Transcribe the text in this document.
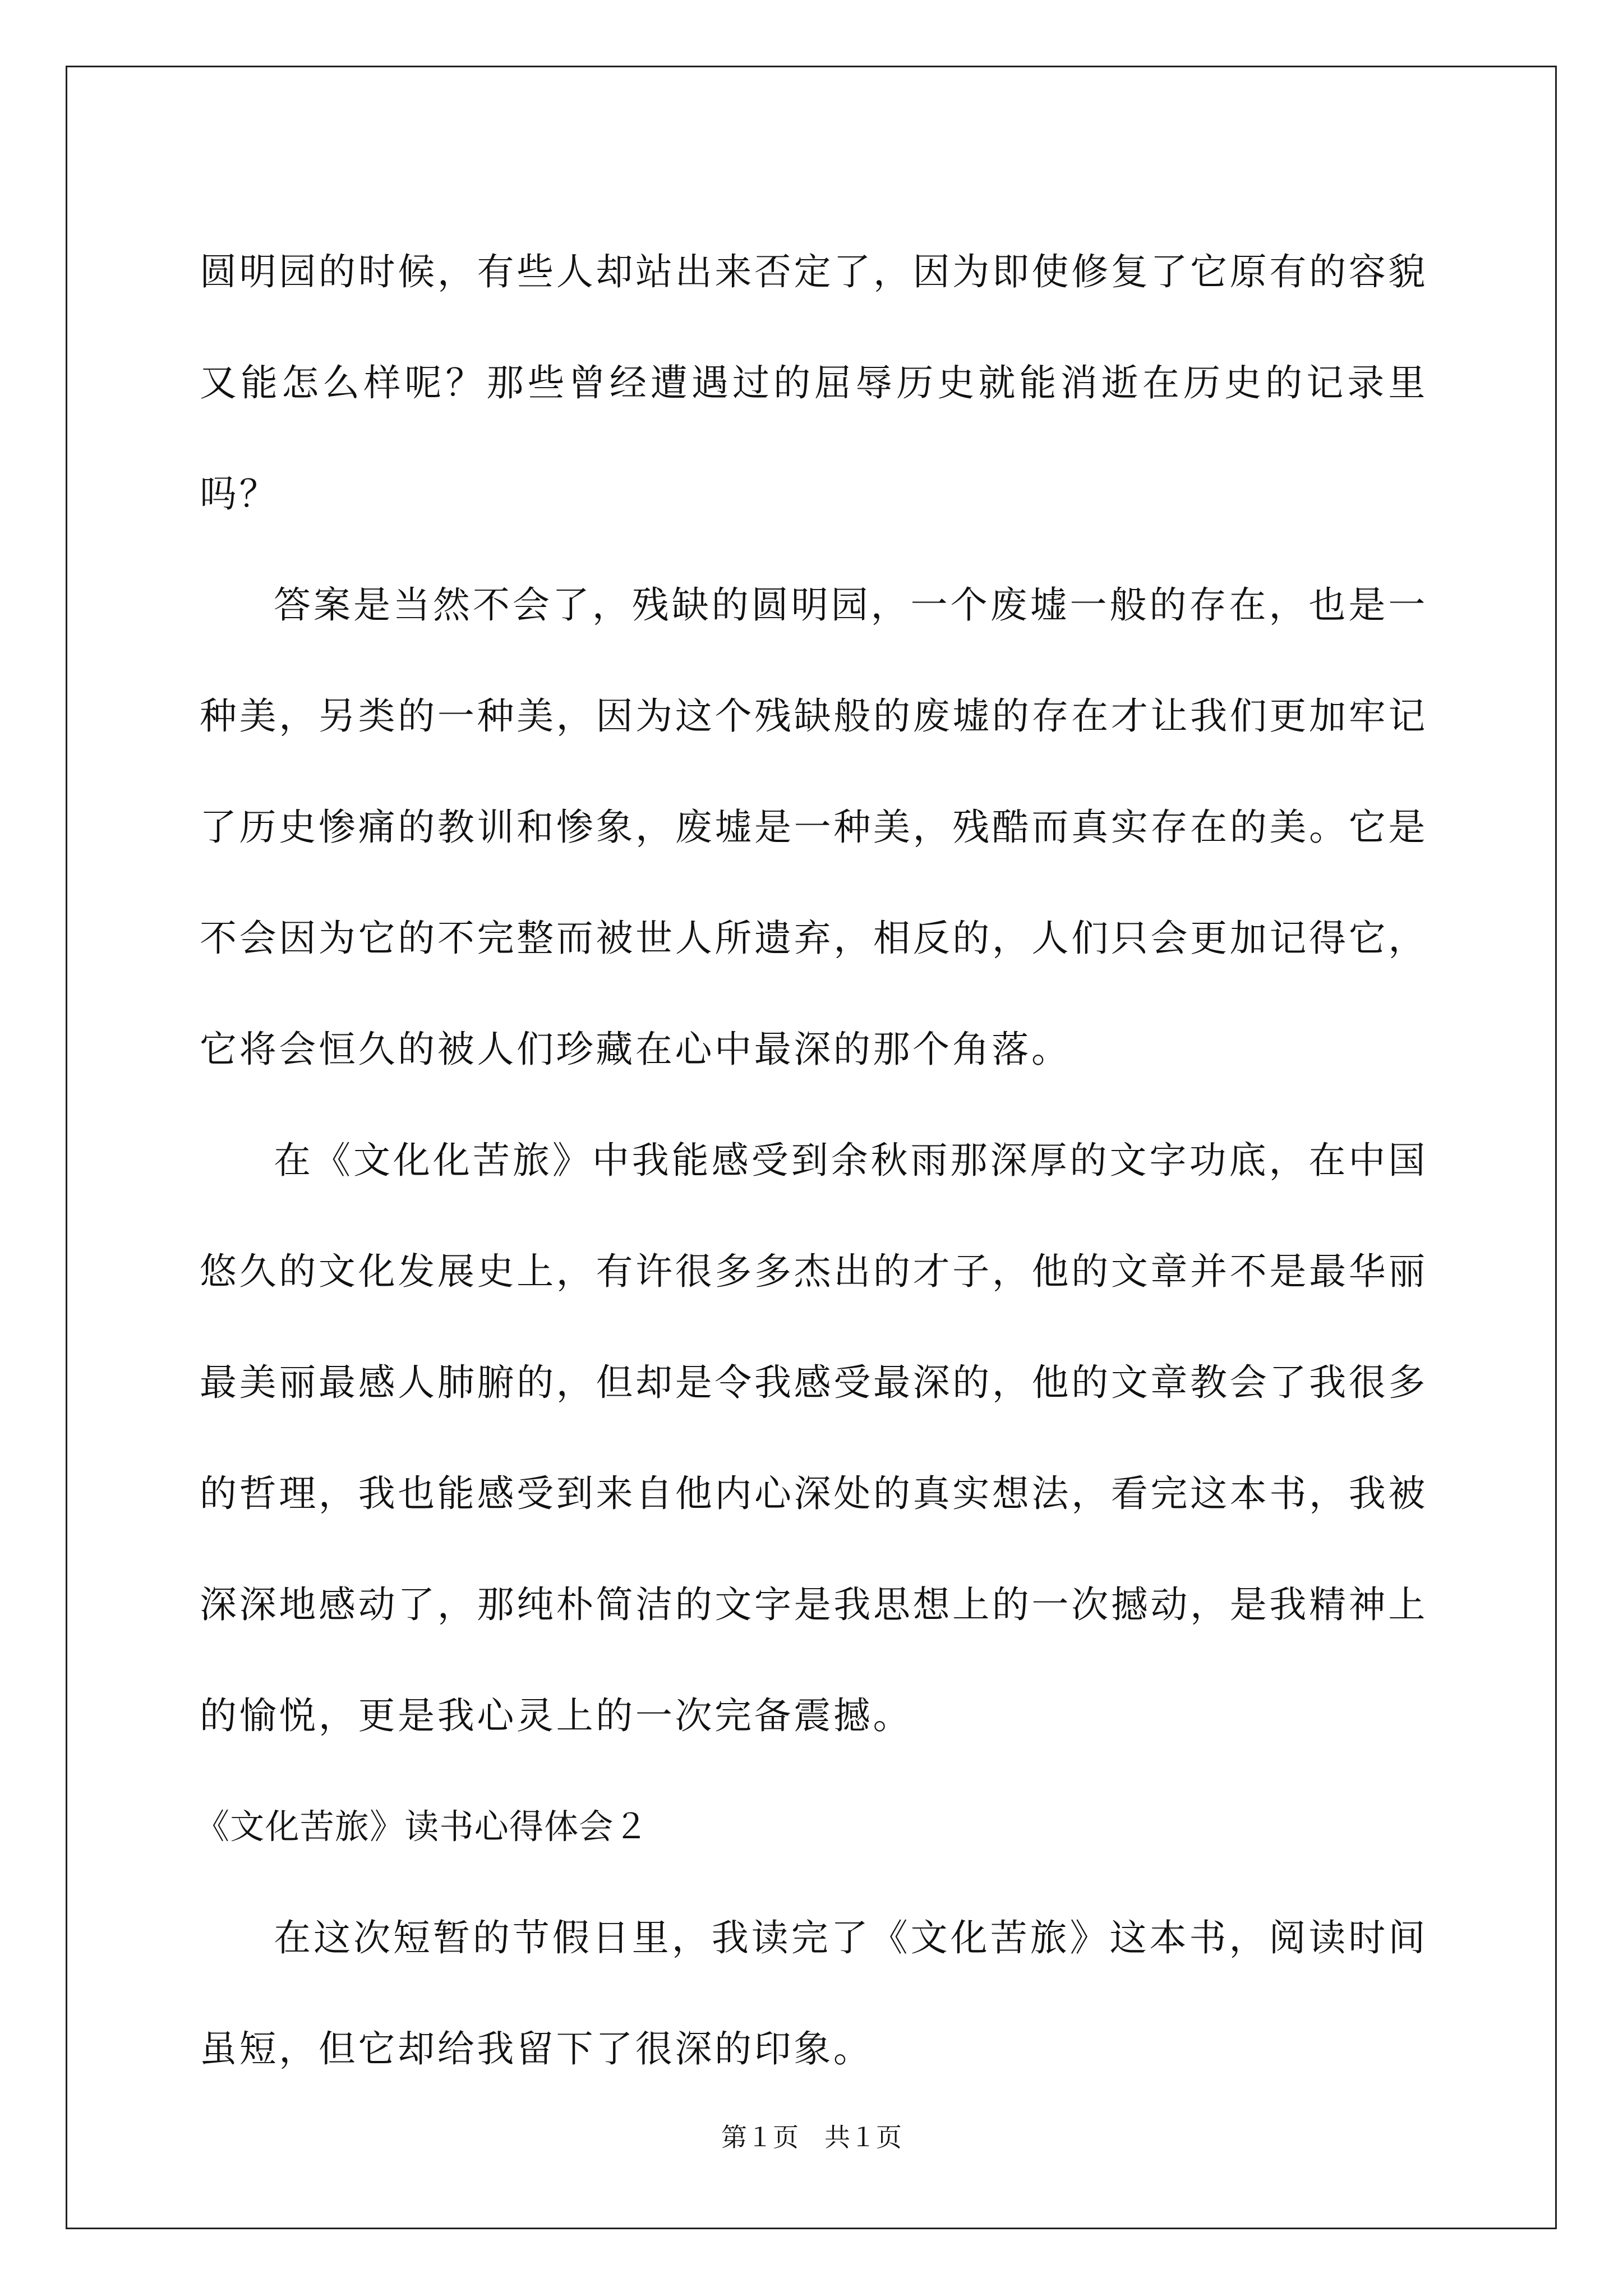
圆明园的时候，有些人却站出来否定了，因为即使修复了它原有的容貌又能怎么样呢？那些曾经遭遇过的屈辱历史就能消逝在历史的记录里吗？

答案是当然不会了，残缺的圆明园，一个废墟一般的存在，也是一种美，另类的一种美，因为这个残缺般的废墟的存在才让我们更加牢记了历史惨痛的教训和惨象，废墟是一种美，残酷而真实存在的美。它是不会因为它的不完整而被世人所遗弃，相反的，人们只会更加记得它，它将会恒久的被人们珍藏在心中最深的那个角落。

在《文化化苦旅》中我能感受到余秋雨那深厚的文字功底，在中国悠久的文化发展史上，有许很多多杰出的才子，他的文章并不是最华丽最美丽最感人肺腑的，但却是令我感受最深的，他的文章教会了我很多的哲理，我也能感受到来自他内心深处的真实想法，看完这本书，我被深深地感动了，那纯朴简洁的文字是我思想上的一次撼动，是我精神上的愉悦，更是我心灵上的一次完备震撼。

《文化苦旅》读书心得体会２

在这次短暂的节假日里，我读完了《文化苦旅》这本书，阅读时间虽短，但它却给我留下了很深的印象。

第１页 共１页
